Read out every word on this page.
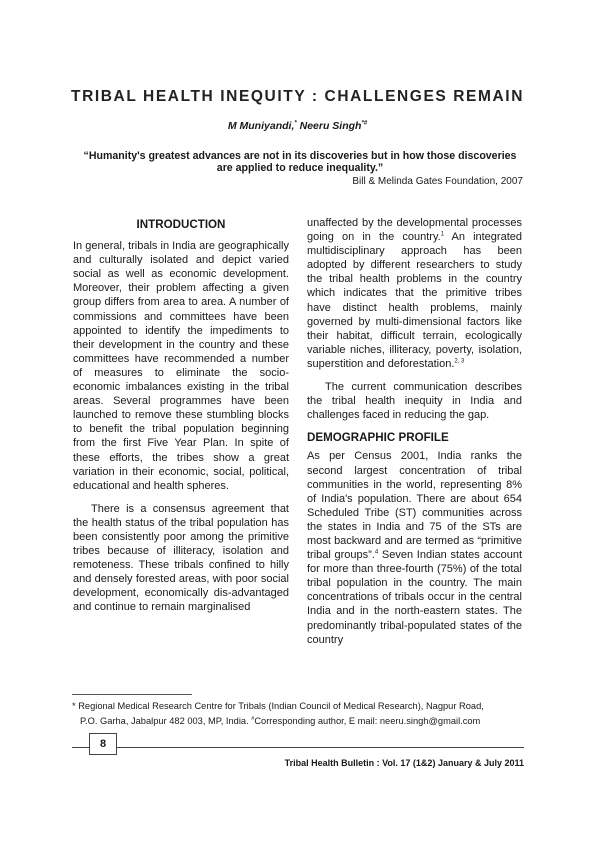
TRIBAL HEALTH INEQUITY : CHALLENGES REMAIN
M Muniyandi,* Neeru Singh*#
“Humanity's greatest advances are not in its discoveries but in how those discoveries are applied to reduce inequality.”
Bill & Melinda Gates Foundation, 2007
INTRODUCTION

In general, tribals in India are geographically and culturally isolated and depict varied social as well as economic development. Moreover, their problem affecting a given group differs from area to area. A number of commissions and committees have been appointed to identify the impediments to their development in the country and these committees have recommended a number of measures to eliminate the socio-economic imbalances existing in the tribal areas. Several programmes have been launched to remove these stumbling blocks to benefit the tribal population beginning from the first Five Year Plan. In spite of these efforts, the tribes show a great variation in their economic, social, political, educational and health spheres.

There is a consensus agreement that the health status of the tribal population has been consistently poor among the primitive tribes because of illiteracy, isolation and remoteness. These tribals confined to hilly and densely forested areas, with poor social development, economically dis-advantaged and continue to remain marginalised

unaffected by the developmental processes going on in the country.$^1$ An integrated multidisciplinary approach has been adopted by different researchers to study the tribal health problems in the country which indicates that the primitive tribes have distinct health problems, mainly governed by multi-dimensional factors like their habitat, difficult terrain, ecologically variable niches, illiteracy, poverty, isolation, superstition and deforestation.$^{2, 3}$

The current communication describes the tribal health inequity in India and challenges faced in reducing the gap.

DEMOGRAPHIC PROFILE

As per Census 2001, India ranks the second largest concentration of tribal communities in the world, representing 8% of India's population. There are about 654 Scheduled Tribe (ST) communities across the states in India and 75 of the STs are most backward and are termed as “primitive tribal groups”.$^4$ Seven Indian states account for more than three-fourth (75%) of the total tribal population in the country. The main concentrations of tribals occur in the central India and in the north-eastern states. The predominantly tribal-populated states of the country

* Regional Medical Research Centre for Tribals (Indian Council of Medical Research), Nagpur Road,
P.O. Garha, Jabalpur 482 003, MP, India. #Corresponding author, E mail: neeru.singh@gmail.com
8
Tribal Health Bulletin : Vol. 17 (1&2) January & July 2011
